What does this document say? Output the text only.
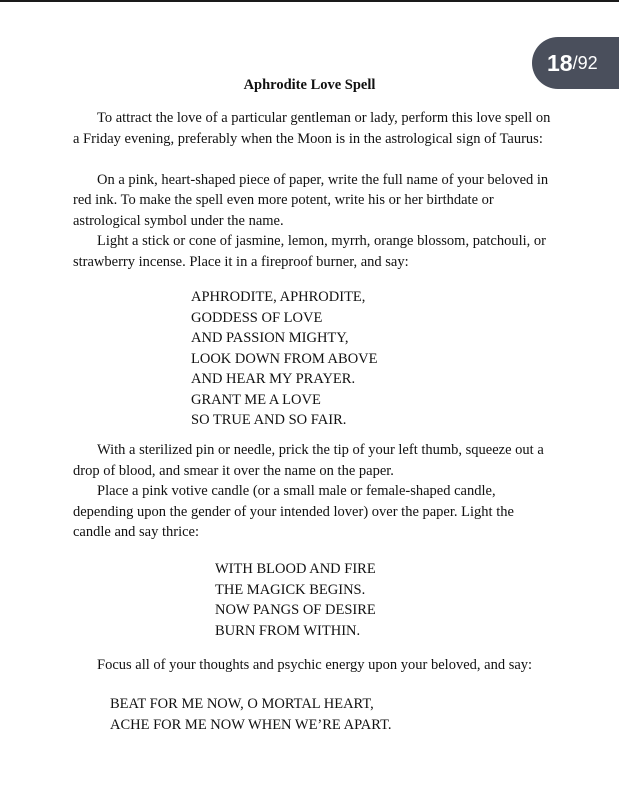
18 / 92
Aphrodite Love Spell

To attract the love of a particular gentleman or lady, perform this love spell on a Friday evening, preferably when the Moon is in the astrological sign of Taurus:

On a pink, heart-shaped piece of paper, write the full name of your beloved in red ink. To make the spell even more potent, write his or her birthdate or astrological symbol under the name.

Light a stick or cone of jasmine, lemon, myrrh, orange blossom, patchouli, or strawberry incense. Place it in a fireproof burner, and say:

APHRODITE, APHRODITE,
GODDESS OF LOVE
AND PASSION MIGHTY,
LOOK DOWN FROM ABOVE
AND HEAR MY PRAYER.
GRANT ME A LOVE
SO TRUE AND SO FAIR.

With a sterilized pin or needle, prick the tip of your left thumb, squeeze out a drop of blood, and smear it over the name on the paper.

Place a pink votive candle (or a small male or female-shaped candle, depending upon the gender of your intended lover) over the paper. Light the candle and say thrice:

WITH BLOOD AND FIRE
THE MAGICK BEGINS.
NOW PANGS OF DESIRE
BURN FROM WITHIN.

Focus all of your thoughts and psychic energy upon your beloved, and say:

BEAT FOR ME NOW, O MORTAL HEART,
ACHE FOR ME NOW WHEN WE’RE APART.
